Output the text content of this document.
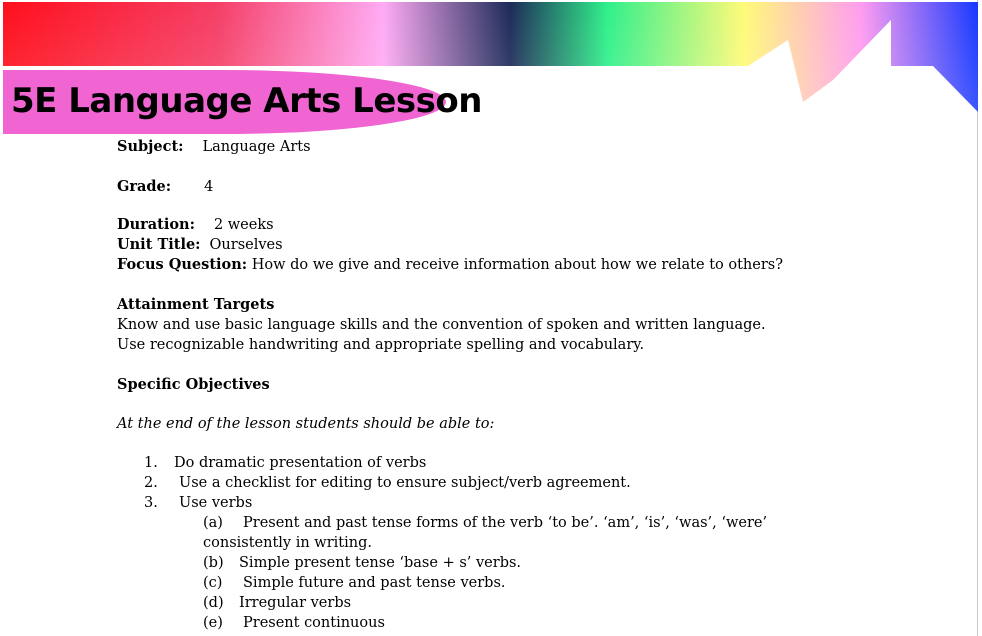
5E Language Arts Lesson
Subject: Language Arts
Grade: 4
Duration: 2 weeks
Unit Title: Ourselves
Focus Question: How do we give and receive information about how we relate to others?
Attainment Targets
Know and use basic language skills and the convention of spoken and written language.
Use recognizable handwriting and appropriate spelling and vocabulary.
Specific Objectives
At the end of the lesson students should be able to:
1. Do dramatic presentation of verbs
2. Use a checklist for editing to ensure subject/verb agreement.
3. Use verbs
(a) Present and past tense forms of the verb ‘to be’. ‘am’, ‘is’, ‘was’, ‘were’
consistently in writing.
(b) Simple present tense ‘base + s’ verbs.
(c) Simple future and past tense verbs.
(d) Irregular verbs
(e) Present continuous
